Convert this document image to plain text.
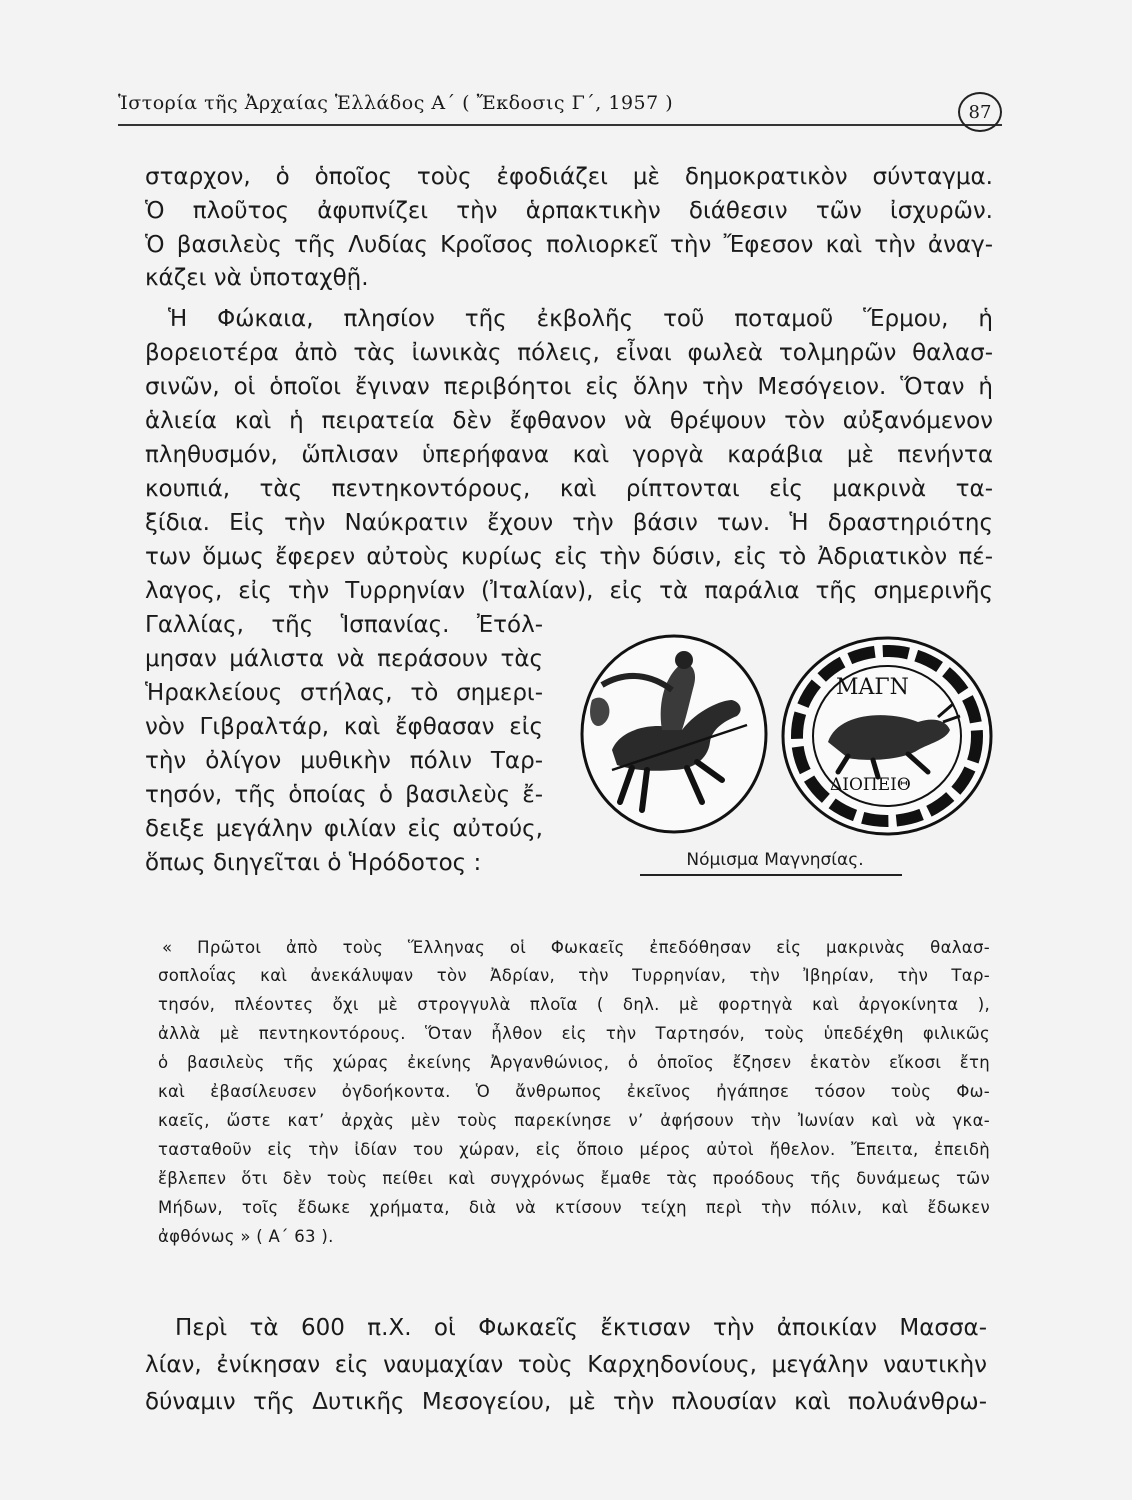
Ἱστορία τῆς Ἀρχαίας Ἑλλάδος Α΄ ( Ἔκδοσις Γ΄, 1957 )	87
σταρχον, ὁ ὁποῖος τοὺς ἐφοδιάζει μὲ δημοκρατικὸν σύνταγμα.
Ὁ πλοῦτος ἀφυπνίζει τὴν ἁρπακτικὴν διάθεσιν τῶν ἰσχυρῶν.
Ὁ βασιλεὺς τῆς Λυδίας Κροῖσος πολιορκεῖ τὴν Ἔφεσον καὶ τὴν ἀναγ-
κάζει νὰ ὑποταχθῇ.
Ἡ Φώκαια, πλησίον τῆς ἐκβολῆς τοῦ ποταμοῦ Ἕρμου, ἡ
βορειοτέρα ἀπὸ τὰς ἰωνικὰς πόλεις, εἶναι φωλεὰ τολμηρῶν θαλασ-
σινῶν, οἱ ὁποῖοι ἔγιναν περιβόητοι εἰς ὅλην τὴν Μεσόγειον. Ὅταν ἡ
ἁλιεία καὶ ἡ πειρατεία δὲν ἔφθανον νὰ θρέψουν τὸν αὐξανόμενον
πληθυσμόν, ὥπλισαν ὑπερήφανα καὶ γοργὰ καράβια μὲ πενήντα
κουπιά, τὰς πεντηκοντόρους, καὶ ρίπτονται εἰς μακρινὰ τα-
ξίδια. Εἰς τὴν Ναύκρατιν ἔχουν τὴν βάσιν των. Ἡ δραστηριότης
των ὅμως ἔφερεν αὐτοὺς κυρίως εἰς τὴν δύσιν, εἰς τὸ Ἀδριατικὸν πέ-
λαγος, εἰς τὴν Τυρρηνίαν (Ἰταλίαν), εἰς τὰ παράλια τῆς σημερινῆς
Γαλλίας, τῆς Ἱσπανίας. Ἐτόλ-
μησαν μάλιστα νὰ περάσουν τὰς
Ἡρακλείους στήλας, τὸ σημερι-
νὸν Γιβραλτάρ, καὶ ἔφθασαν εἰς
τὴν ὀλίγον μυθικὴν πόλιν Ταρ-
τησόν, τῆς ὁποίας ὁ βασιλεὺς ἔ-
δειξε μεγάλην φιλίαν εἰς αὐτούς,
ὅπως διηγεῖται ὁ Ἡρόδοτος :
ΜΑΓΝ
ΔΙΟΠΕΙΘ
Νόμισμα Μαγνησίας.
« Πρῶτοι ἀπὸ τοὺς Ἕλληνας οἱ Φωκαεῖς ἐπεδόθησαν εἰς μακρινὰς θαλασ-
σοπλοΐας καὶ ἀνεκάλυψαν τὸν Ἀδρίαν, τὴν Τυρρηνίαν, τὴν Ἰβηρίαν, τὴν Ταρ-
τησόν, πλέοντες ὄχι μὲ στρογγυλὰ πλοῖα ( δηλ. μὲ φορτηγὰ καὶ ἀργοκίνητα ),
ἀλλὰ μὲ πεντηκοντόρους. Ὅταν ἦλθον εἰς τὴν Ταρτησόν, τοὺς ὑπεδέχθη φιλικῶς
ὁ βασιλεὺς τῆς χώρας ἐκείνης Ἀργανθώνιος, ὁ ὁποῖος ἔζησεν ἑκατὸν εἴκοσι ἔτη
καὶ ἐβασίλευσεν ὀγδοήκοντα. Ὁ ἄνθρωπος ἐκεῖνος ἠγάπησε τόσον τοὺς Φω-
καεῖς, ὥστε κατ’ ἀρχὰς μὲν τοὺς παρεκίνησε ν’ ἀφήσουν τὴν Ἰωνίαν καὶ νὰ γκα-
τασταθοῦν εἰς τὴν ἰδίαν του χώραν, εἰς ὅποιο μέρος αὐτοὶ ἤθελον. Ἔπειτα, ἐπειδὴ
ἔβλεπεν ὅτι δὲν τοὺς πείθει καὶ συγχρόνως ἔμαθε τὰς προόδους τῆς δυνάμεως τῶν
Μήδων, τοῖς ἔδωκε χρήματα, διὰ νὰ κτίσουν τείχη περὶ τὴν πόλιν, καὶ ἔδωκεν
ἀφθόνως » ( Α΄ 63 ).
Περὶ τὰ 600 π.Χ. οἱ Φωκαεῖς ἔκτισαν τὴν ἀποικίαν Μασσα-
λίαν, ἐνίκησαν εἰς ναυμαχίαν τοὺς Καρχηδονίους, μεγάλην ναυτικὴν
δύναμιν τῆς Δυτικῆς Μεσογείου, μὲ τὴν πλουσίαν καὶ πολυάνθρω-
